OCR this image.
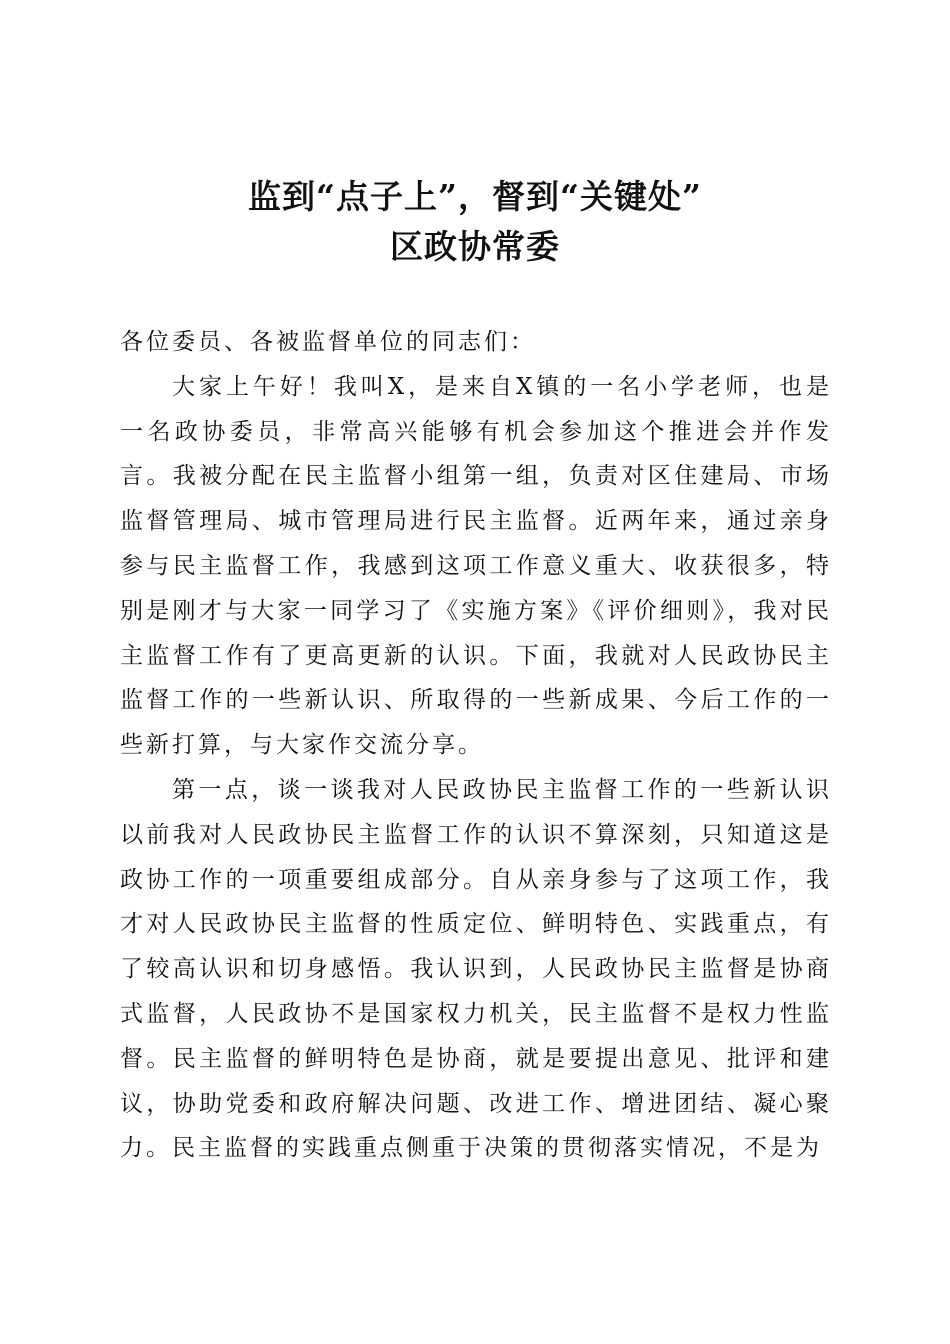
监到“点子上”，督到“关键处”
区政协常委

各位委员、各被监督单位的同志们：

大家上午好！我叫X，是来自X镇的一名小学老师，也是一名政协委员，非常高兴能够有机会参加这个推进会并作发言。我被分配在民主监督小组第一组，负责对区住建局、市场监督管理局、城市管理局进行民主监督。近两年来，通过亲身参与民主监督工作，我感到这项工作意义重大、收获很多，特别是刚才与大家一同学习了《实施方案》《评价细则》，我对民主监督工作有了更高更新的认识。下面，我就对人民政协民主监督工作的一些新认识、所取得的一些新成果、今后工作的一些新打算，与大家作交流分享。

第一点，谈一谈我对人民政协民主监督工作的一些新认识以前我对人民政协民主监督工作的认识不算深刻，只知道这是政协工作的一项重要组成部分。自从亲身参与了这项工作，我才对人民政协民主监督的性质定位、鲜明特色、实践重点，有了较高认识和切身感悟。我认识到，人民政协民主监督是协商式监督，人民政协不是国家权力机关，民主监督不是权力性监督。民主监督的鲜明特色是协商，就是要提出意见、批评和建议，协助党委和政府解决问题、改进工作、增进团结、凝心聚力。民主监督的实践重点侧重于决策的贯彻落实情况，不是为
